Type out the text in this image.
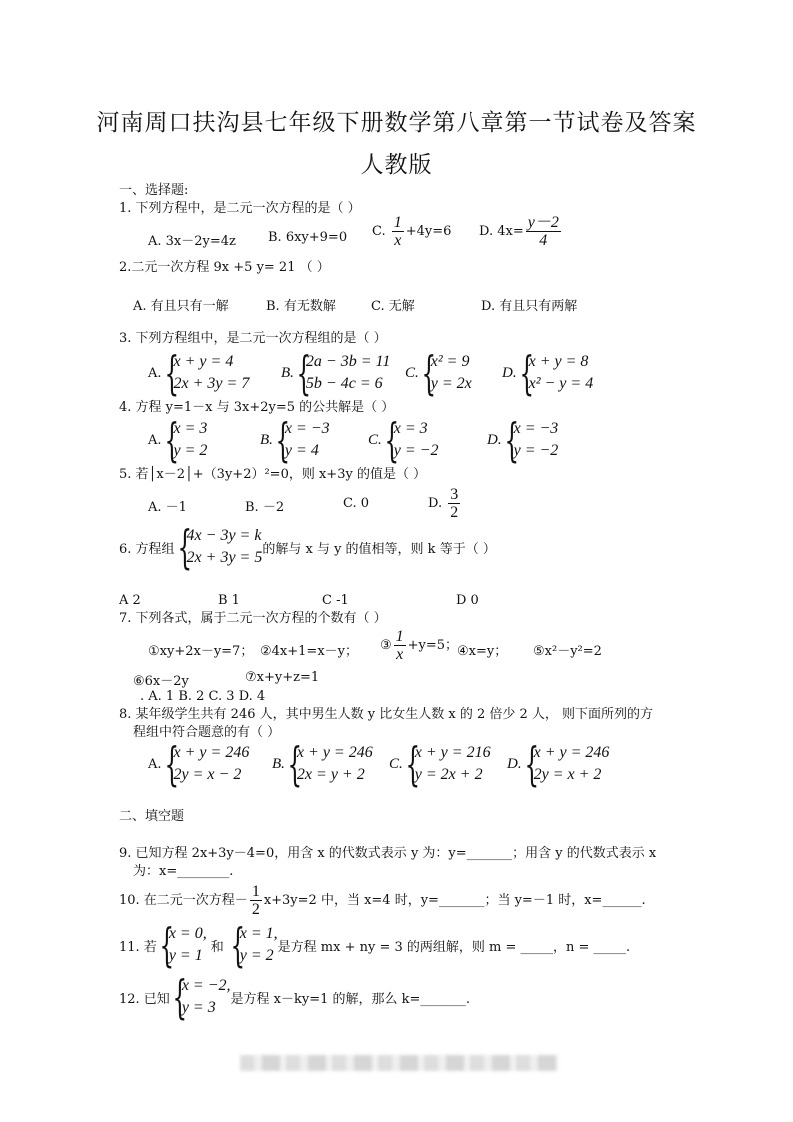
河南周口扶沟县七年级下册数学第八章第一节试卷及答案
人教版
一、选择题:
1. 下列方程中，是二元一次方程的是（ ）
A. 3x－2y=4z B. 6xy+9=0 C. $\frac{1}{x} +4y=6$ D. $4x= \frac{y-2}{4}$
2.二元一次方程 9x +5 y= 21 （ ）
A. 有且只有一解	B. 有无数解	C. 无解	D. 有且只有两解
3. 下列方程组中，是二元一次方程组的是（ ）
A. {
x + y = 4
2x + 3y = 7
B. {
2a − 3b = 11
5b − 4c = 6
C. {
x² = 9
y = 2x
D. {
x + y = 8
x² − y = 4
4. 方程 y=1－x 与 3x+2y=5 的公共解是（ ）
A. {
x = 3
y = 2
B. {
x = −3
y = 4
C. {
x = 3
y = −2
D. {
x = −3
y = −2
5. 若│x－2│+（3y+2）²=0，则 x+3y 的值是（ ）
A. －1	B. －2	C. 0	D. $\frac{3}{2}$
6. 方程组 {
4x − 3y = k
2x + 3y = 5 的解与 x 与 y 的值相等，则 k 等于（ ）
A 2	B 1	C -1	D 0
7. 下列各式，属于二元一次方程的个数有（ ）
①xy+2x－y=7； ②4x+1=x－y； ③ $\frac{1}{x} +y=5$；
④x=y； ⑤x²－y²=2
⑥6x－2y	⑦x+y+z=1
. A. 1 B. 2 C. 3 D. 4
8. 某年级学生共有 246 人，其中男生人数 y 比女生人数 x 的 2 倍少 2 人， 则下面所列的方
程组中符合题意的有（ ）
A. {
x + y = 246
2y = x − 2
B. {
x + y = 246
2x = y + 2
C. {
x + y = 216
y = 2x + 2
D. {
x + y = 246
2y = x + 2
二、填空题
9. 已知方程 2x+3y－4=0，用含 x 的代数式表示 y 为：y=_______；用含 y 的代数式表示 x
为：x=________.
10. 在二元一次方程－ $\frac{1}{2} x+3y=2$ 中，当 x=4 时，y=_______；当 y=－1 时，x=______.
11. 若 {
x = 0,
y = 1 和 {
x = 1,
y = 2 是方程 mx + ny = 3 的两组解，则 m = _____，n = _____.
12. 已知 {
x = −2,
y = 3	是方程 x－ky=1 的解，那么 k=_______.
